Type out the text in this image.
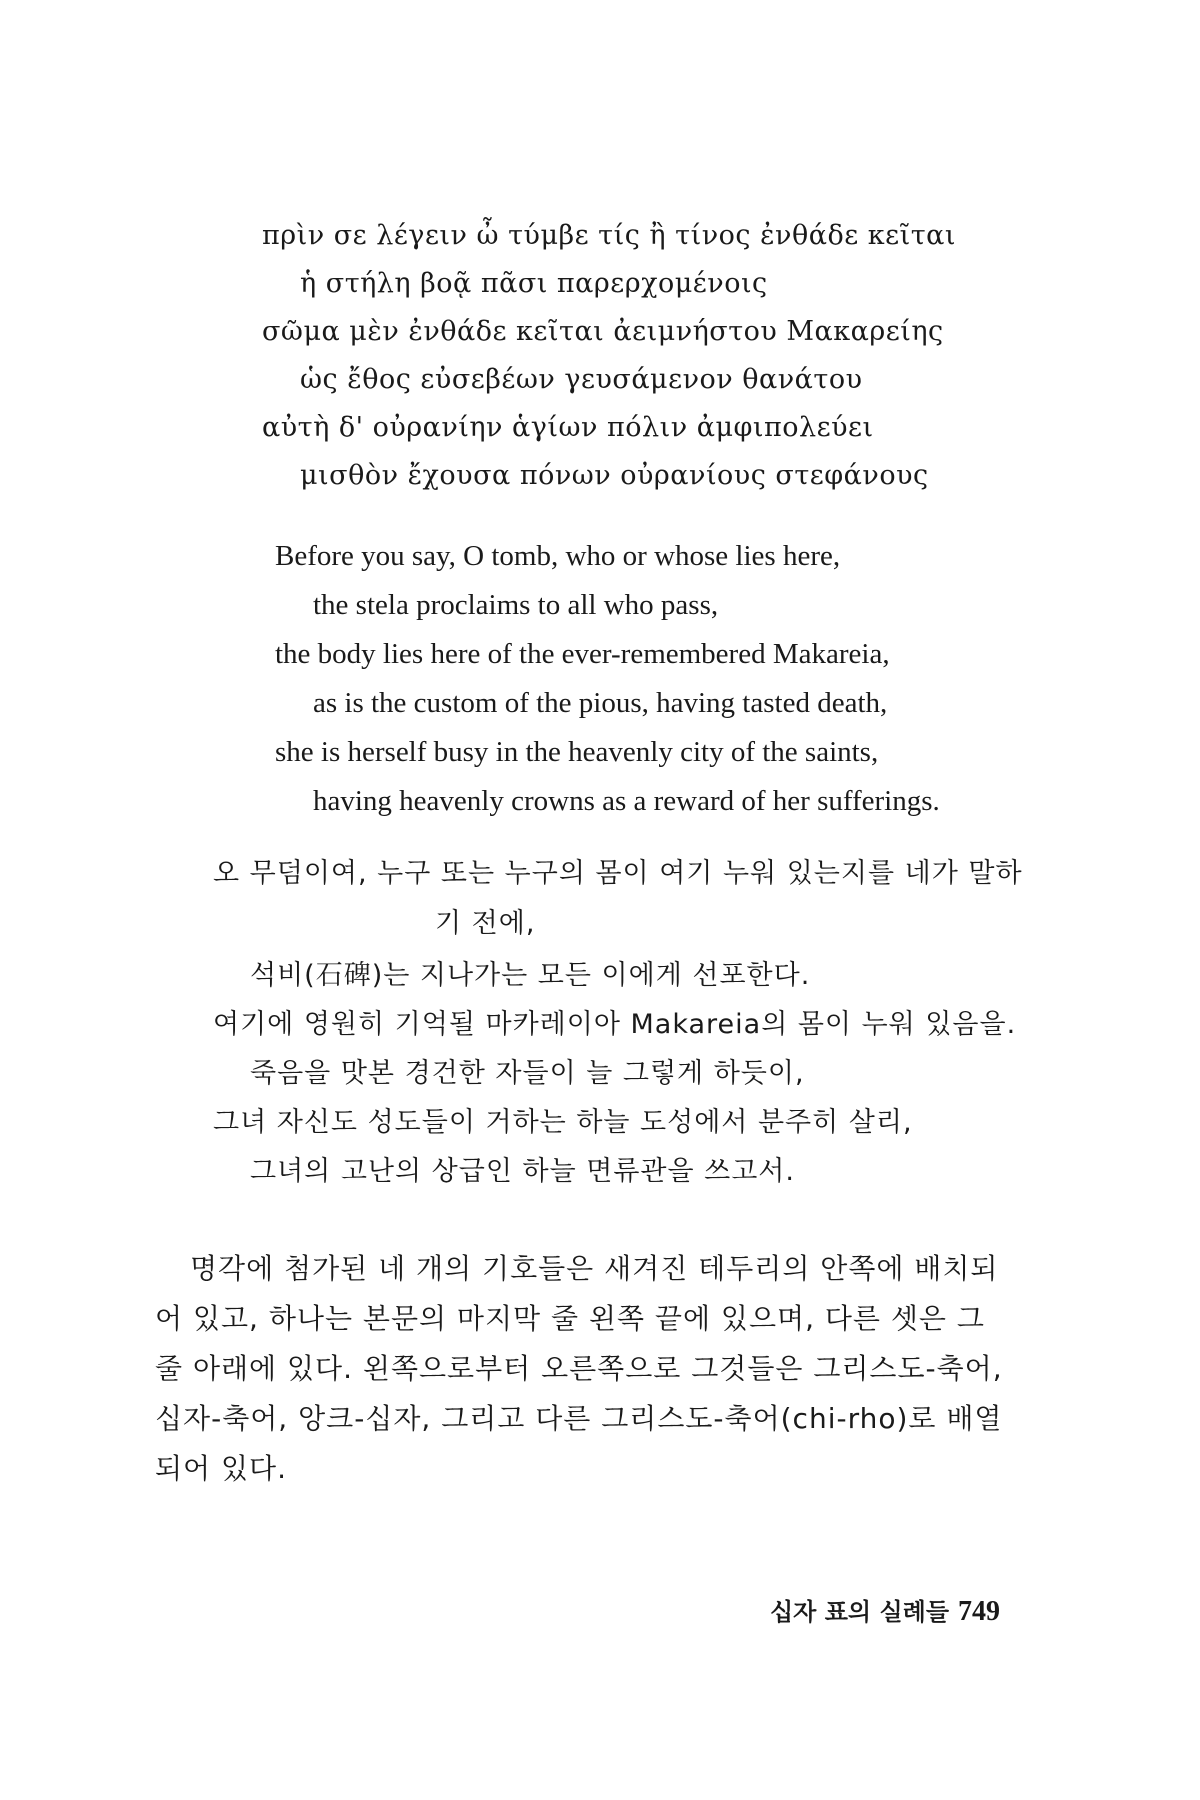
πρὶν σε λέγειν ὦ τύμβε τίς ἢ τίνος ἐνθάδε κεῖται
ἡ στήλη βοᾷ πᾶσι παρερχομένοις
σῶμα μὲν ἐνθάδε κεῖται ἀειμνήστου Μακαρείης
ὡς ἔθος εὐσεβέων γευσάμενον θανάτου
αὐτὴ δ' οὐρανίην ἁγίων πόλιν ἀμφιπολεύει
μισθὸν ἔχουσα πόνων οὐρανίους στεφάνους
Before you say, O tomb, who or whose lies here,
the stela proclaims to all who pass,
the body lies here of the ever-remembered Makareia,
as is the custom of the pious, having tasted death,
she is herself busy in the heavenly city of the saints,
having heavenly crowns as a reward of her sufferings.
오 무덤이여, 누구 또는 누구의 몸이 여기 누워 있는지를 네가 말하
기 전에,
석비(石碑)는 지나가는 모든 이에게 선포한다.
여기에 영원히 기억될 마카레이아 Makareia의 몸이 누워 있음을.
죽음을 맛본 경건한 자들이 늘 그렇게 하듯이,
그녀 자신도 성도들이 거하는 하늘 도성에서 분주히 살리,
그녀의 고난의 상급인 하늘 면류관을 쓰고서.
명각에 첨가된 네 개의 기호들은 새겨진 테두리의 안쪽에 배치되
어 있고, 하나는 본문의 마지막 줄 왼쪽 끝에 있으며, 다른 셋은 그
줄 아래에 있다. 왼쪽으로부터 오른쪽으로 그것들은 그리스도-축어,
십자-축어, 앙크-십자, 그리고 다른 그리스도-축어(chi-rho)로 배열
되어 있다.
십자 표의 실례들 749
